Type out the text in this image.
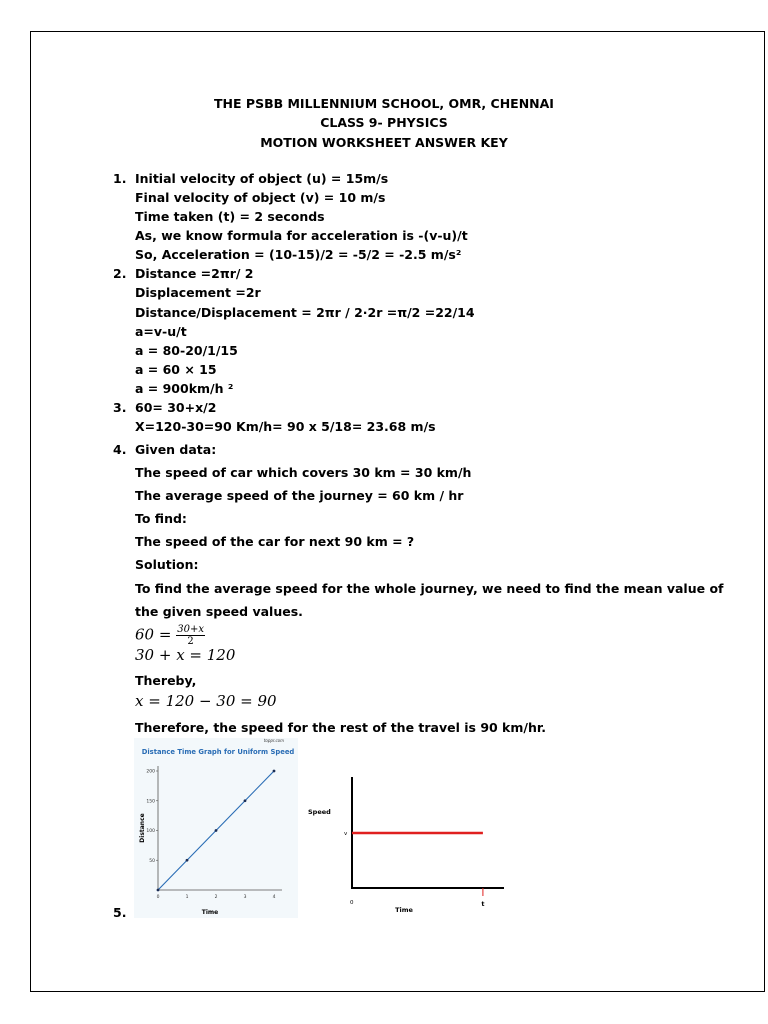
THE PSBB MILLENNIUM SCHOOL, OMR, CHENNAI
CLASS 9- PHYSICS
MOTION WORKSHEET ANSWER KEY
1. Initial velocity of object (u) = 15m/s
Final velocity of object (v) = 10 m/s
Time taken (t) = 2 seconds
As, we know formula for acceleration is -(v-u)/t
So, Acceleration = (10-15)/2 = -5/2 = -2.5 m/s²
2. Distance =2πr/ 2
Displacement =2r
Distance/Displacement = 2πr / 2·2r =π/2 =22/14
a=v-u/t
a = 80-20/1/15
a = 60 × 15
a = 900km/h ²
3. 60= 30+x/2
X=120-30=90 Km/h= 90 x 5/18= 23.68 m/s
4. Given data:
The speed of car which covers 30 km = 30 km/h
The average speed of the journey = 60 km / hr
To find:
The speed of the car for next 90 km = ?
Solution:
To find the average speed for the whole journey, we need to find the mean value of
the given speed values.
$60 = \frac{30+x}{2}$
30 + x = 120
Thereby,
x = 120 − 30 = 90
Therefore, the speed for the rest of the travel is 90 km/hr.
toppr.com
Distance Time Graph for Uniform Speed
200
150
100
50
0	1	2	3	4
Time
Distance
Speed
v
0
Time
t
5.
